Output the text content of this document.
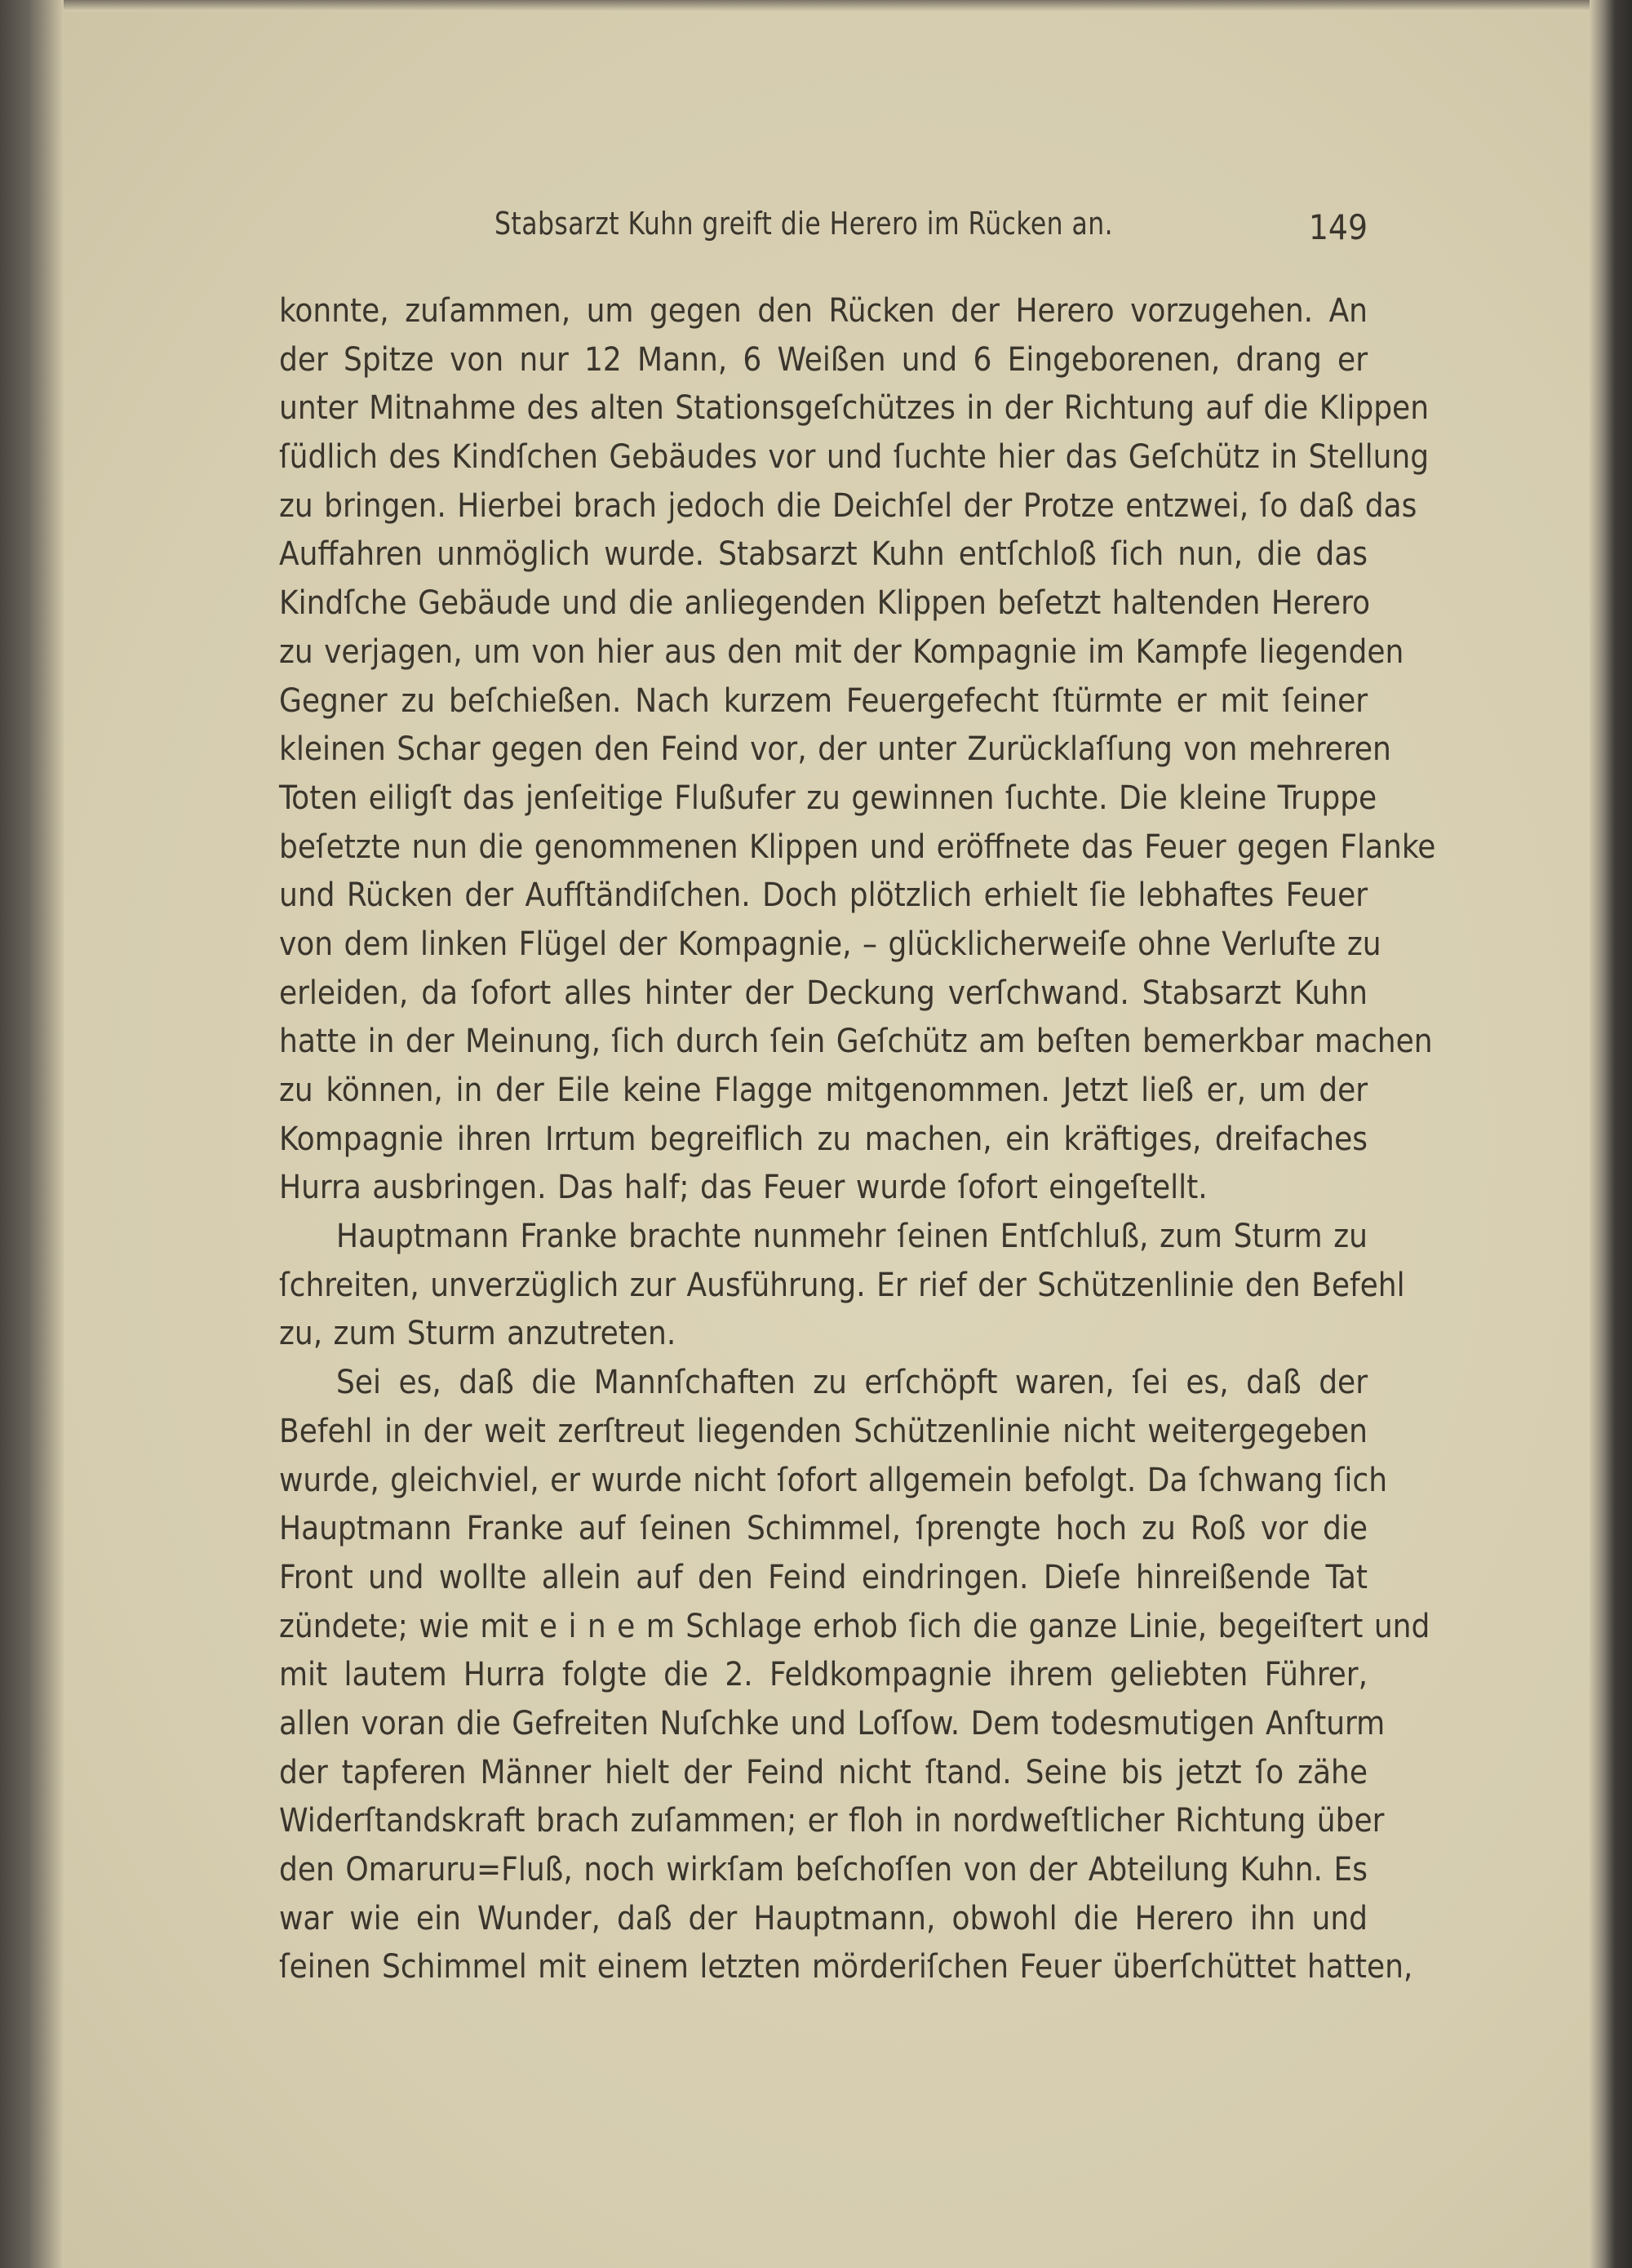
Stabsarzt Kuhn greift die Herero im Rücken an.	149
konnte, zuſammen, um gegen den Rücken der Herero vorzugehen. An
der Spitze von nur 12 Mann, 6 Weißen und 6 Eingeborenen, drang er
unter Mitnahme des alten Stationsgeſchützes in der Richtung auf die Klippen
ſüdlich des Kindſchen Gebäudes vor und ſuchte hier das Geſchütz in Stellung
zu bringen. Hierbei brach jedoch die Deichſel der Protze entzwei, ſo daß das
Auffahren unmöglich wurde. Stabsarzt Kuhn entſchloß ſich nun, die das
Kindſche Gebäude und die anliegenden Klippen beſetzt haltenden Herero
zu verjagen, um von hier aus den mit der Kompagnie im Kampfe liegenden
Gegner zu beſchießen. Nach kurzem Feuergefecht ſtürmte er mit ſeiner
kleinen Schar gegen den Feind vor, der unter Zurücklaſſung von mehreren
Toten eiligſt das jenſeitige Flußufer zu gewinnen ſuchte. Die kleine Truppe
beſetzte nun die genommenen Klippen und eröffnete das Feuer gegen Flanke
und Rücken der Aufſtändiſchen. Doch plötzlich erhielt ſie lebhaftes Feuer
von dem linken Flügel der Kompagnie, – glücklicherweiſe ohne Verluſte zu
erleiden, da ſofort alles hinter der Deckung verſchwand. Stabsarzt Kuhn
hatte in der Meinung, ſich durch ſein Geſchütz am beſten bemerkbar machen
zu können, in der Eile keine Flagge mitgenommen. Jetzt ließ er, um der
Kompagnie ihren Irrtum begreiflich zu machen, ein kräftiges, dreifaches
Hurra ausbringen. Das half; das Feuer wurde ſofort eingeſtellt.
Hauptmann Franke brachte nunmehr ſeinen Entſchluß, zum Sturm zu
ſchreiten, unverzüglich zur Ausführung. Er rief der Schützenlinie den Befehl
zu, zum Sturm anzutreten.
Sei es, daß die Mannſchaften zu erſchöpft waren, ſei es, daß der
Befehl in der weit zerſtreut liegenden Schützenlinie nicht weitergegeben
wurde, gleichviel, er wurde nicht ſofort allgemein befolgt. Da ſchwang ſich
Hauptmann Franke auf ſeinen Schimmel, ſprengte hoch zu Roß vor die
Front und wollte allein auf den Feind eindringen. Dieſe hinreißende Tat
zündete; wie mit e i n e m Schlage erhob ſich die ganze Linie, begeiſtert und
mit lautem Hurra folgte die 2. Feldkompagnie ihrem geliebten Führer,
allen voran die Gefreiten Nuſchke und Loſſow. Dem todesmutigen Anſturm
der tapferen Männer hielt der Feind nicht ſtand. Seine bis jetzt ſo zähe
Widerſtandskraft brach zuſammen; er floh in nordweſtlicher Richtung über
den Omaruru=Fluß, noch wirkſam beſchoſſen von der Abteilung Kuhn. Es
war wie ein Wunder, daß der Hauptmann, obwohl die Herero ihn und
ſeinen Schimmel mit einem letzten mörderiſchen Feuer überſchüttet hatten,
